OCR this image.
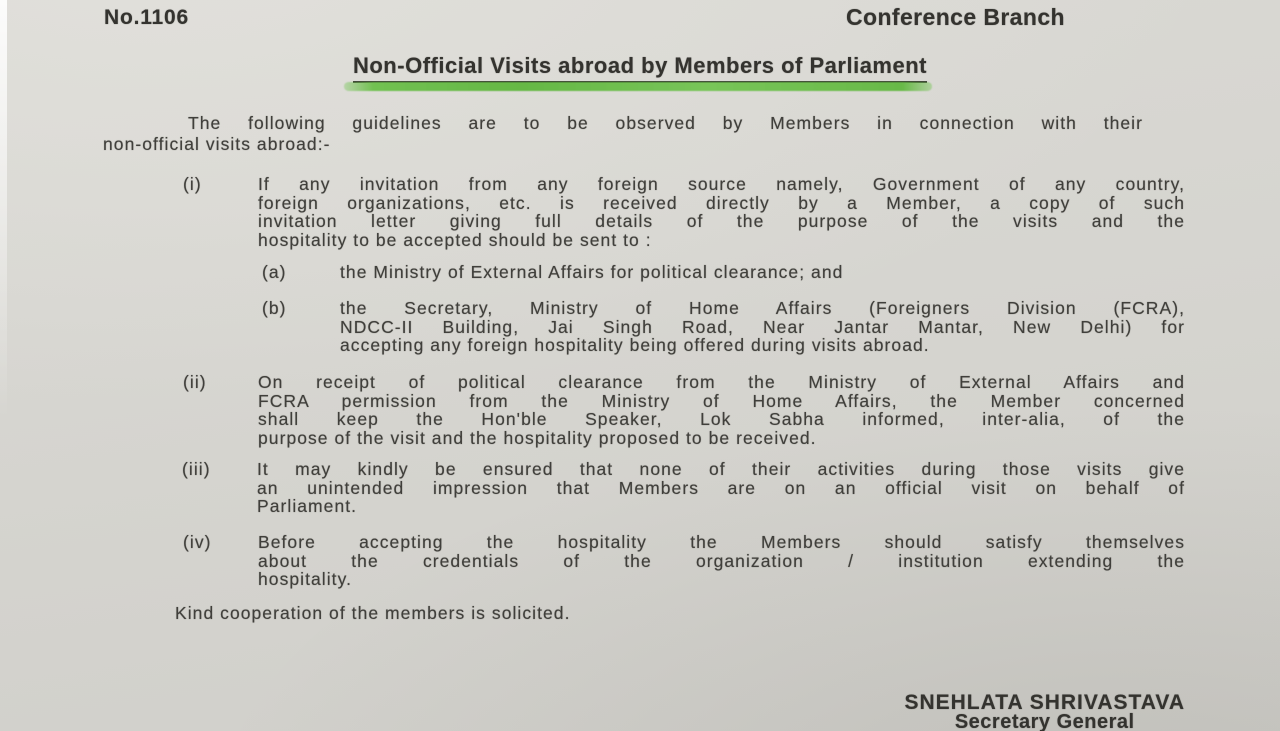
No.1106	Conference Branch
Non-Official Visits abroad by Members of Parliament
The following guidelines are to be observed by Members in connection with their
non-official visits abroad:-
(i)	If any invitation from any foreign source namely, Government of any country,
foreign organizations, etc. is received directly by a Member, a copy of such
invitation letter giving full details of the purpose of the visits and the
hospitality to be accepted should be sent to :
(a)	the Ministry of External Affairs for political clearance; and
(b)	the Secretary, Ministry of Home Affairs (Foreigners Division (FCRA),
NDCC-II Building, Jai Singh Road, Near Jantar Mantar, New Delhi) for
accepting any foreign hospitality being offered during visits abroad.
(ii)	On receipt of political clearance from the Ministry of External Affairs and
FCRA permission from the Ministry of Home Affairs, the Member concerned
shall keep the Hon'ble Speaker, Lok Sabha informed, inter-alia, of the
purpose of the visit and the hospitality proposed to be received.
(iii)	It may kindly be ensured that none of their activities during those visits give
an unintended impression that Members are on an official visit on behalf of
Parliament.
(iv)	Before accepting the hospitality the Members should satisfy themselves
about the credentials of the organization / institution extending the
hospitality.
Kind cooperation of the members is solicited.
SNEHLATA SHRIVASTAVA
Secretary General
